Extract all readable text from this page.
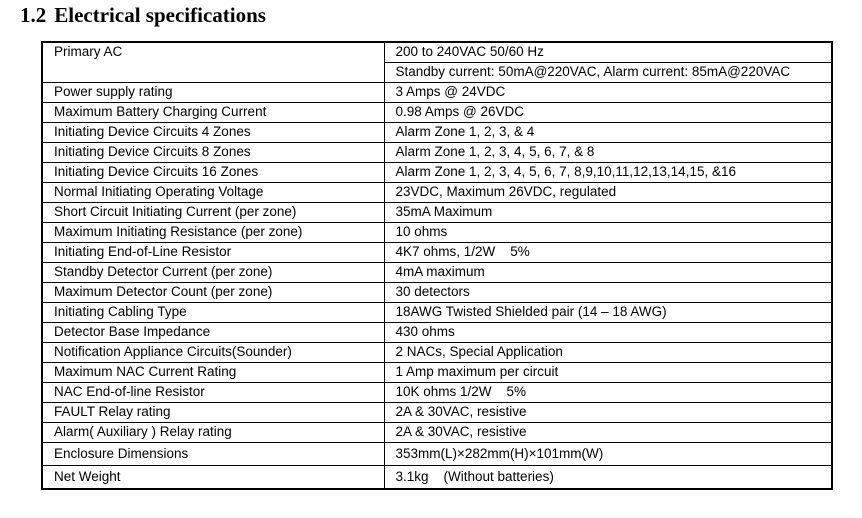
1.2 Electrical specifications
Primary AC	200 to 240VAC 50/60 Hz
	Standby current: 50mA@220VAC, Alarm current: 85mA@220VAC
Power supply rating	3 Amps @ 24VDC
Maximum Battery Charging Current	0.98 Amps @ 26VDC
Initiating Device Circuits 4 Zones	Alarm Zone 1, 2, 3, & 4
Initiating Device Circuits 8 Zones	Alarm Zone 1, 2, 3, 4, 5, 6, 7, & 8
Initiating Device Circuits 16 Zones	Alarm Zone 1, 2, 3, 4, 5, 6, 7, 8,9,10,11,12,13,14,15, &16
Normal Initiating Operating Voltage	23VDC, Maximum 26VDC, regulated
Short Circuit Initiating Current (per zone)	35mA Maximum
Maximum Initiating Resistance (per zone)	10 ohms
Initiating End-of-Line Resistor	4K7 ohms, 1/2W    5%
Standby Detector Current (per zone)	4mA maximum
Maximum Detector Count (per zone)	30 detectors
Initiating Cabling Type	18AWG Twisted Shielded pair (14 – 18 AWG)
Detector Base Impedance	430 ohms
Notification Appliance Circuits(Sounder)	2 NACs, Special Application
Maximum NAC Current Rating	1 Amp maximum per circuit
NAC End-of-line Resistor	10K ohms 1/2W    5%
FAULT Relay rating	2A & 30VAC, resistive
Alarm( Auxiliary ) Relay rating	2A & 30VAC, resistive
Enclosure Dimensions	353mm(L)×282mm(H)×101mm(W)
Net Weight	3.1kg    (Without batteries)
